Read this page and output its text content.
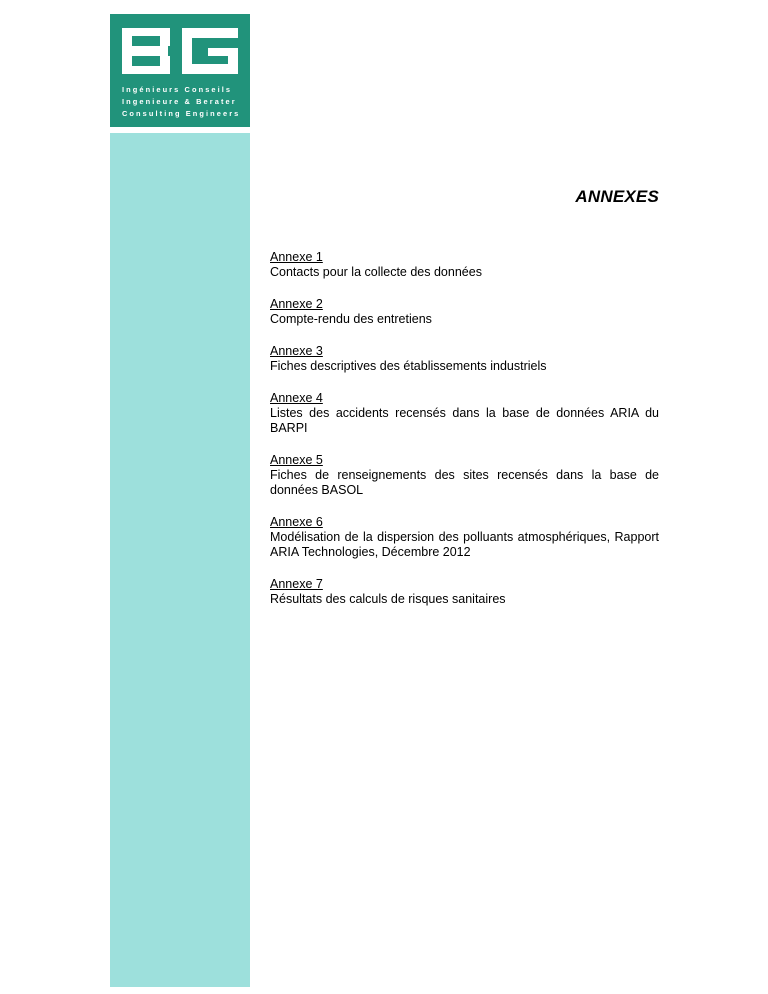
Ingénieurs Conseils
Ingenieure & Berater
Consulting Engineers
ANNEXES
Annexe 1
Contacts pour la collecte des données
Annexe 2
Compte-rendu des entretiens
Annexe 3
Fiches descriptives des établissements industriels
Annexe 4
Listes des accidents recensés dans la base de données ARIA du BARPI
Annexe 5
Fiches de renseignements des sites recensés dans la base de données BASOL
Annexe 6
Modélisation de la dispersion des polluants atmosphériques, Rapport ARIA Technologies, Décembre 2012
Annexe 7
Résultats des calculs de risques sanitaires
